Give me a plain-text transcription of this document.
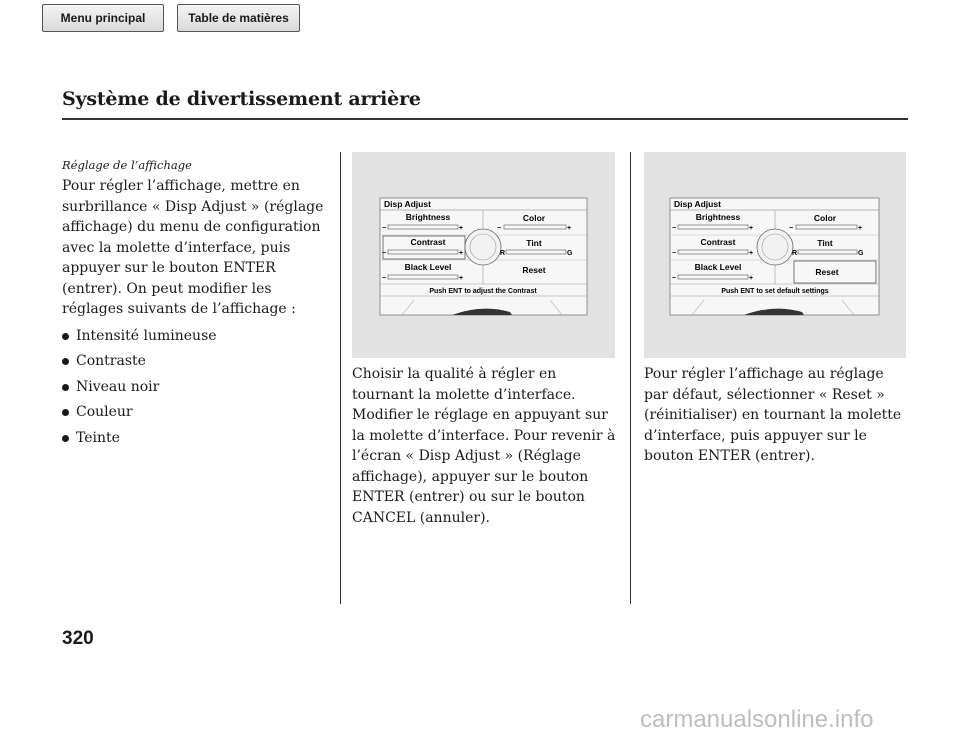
Menu principal	Table de matières
Système de divertissement arrière
Réglage de l’affichage

Pour régler l’affichage, mettre en surbrillance « Disp Adjust » (réglage affichage) du menu de configuration avec la molette d’interface, puis appuyer sur le bouton ENTER (entrer). On peut modifier les réglages suivants de l’affichage :

Intensité lumineuse
Contraste
Niveau noir
Couleur
Teinte
Disp Adjust
Brightness
Contrast
Black Level
Color
Tint
Reset
−	+
−	+
−	+
−	+
R	G
Push ENT to adjust the Contrast
Disp Adjust
Brightness
Contrast
Black Level
Color
Tint
Reset
−	+
−	+
−	+
−	+
R	G
Push ENT to set default settings

Choisir la qualité à régler en tournant la molette d’interface. Modifier le réglage en appuyant sur la molette d’interface. Pour revenir à l’écran « Disp Adjust » (Réglage affichage), appuyer sur le bouton ENTER (entrer) ou sur le bouton CANCEL (annuler).

Pour régler l’affichage au réglage par défaut, sélectionner « Reset » (réinitialiser) en tournant la molette d’interface, puis appuyer sur le bouton ENTER (entrer).

320
carmanualsonline.info
